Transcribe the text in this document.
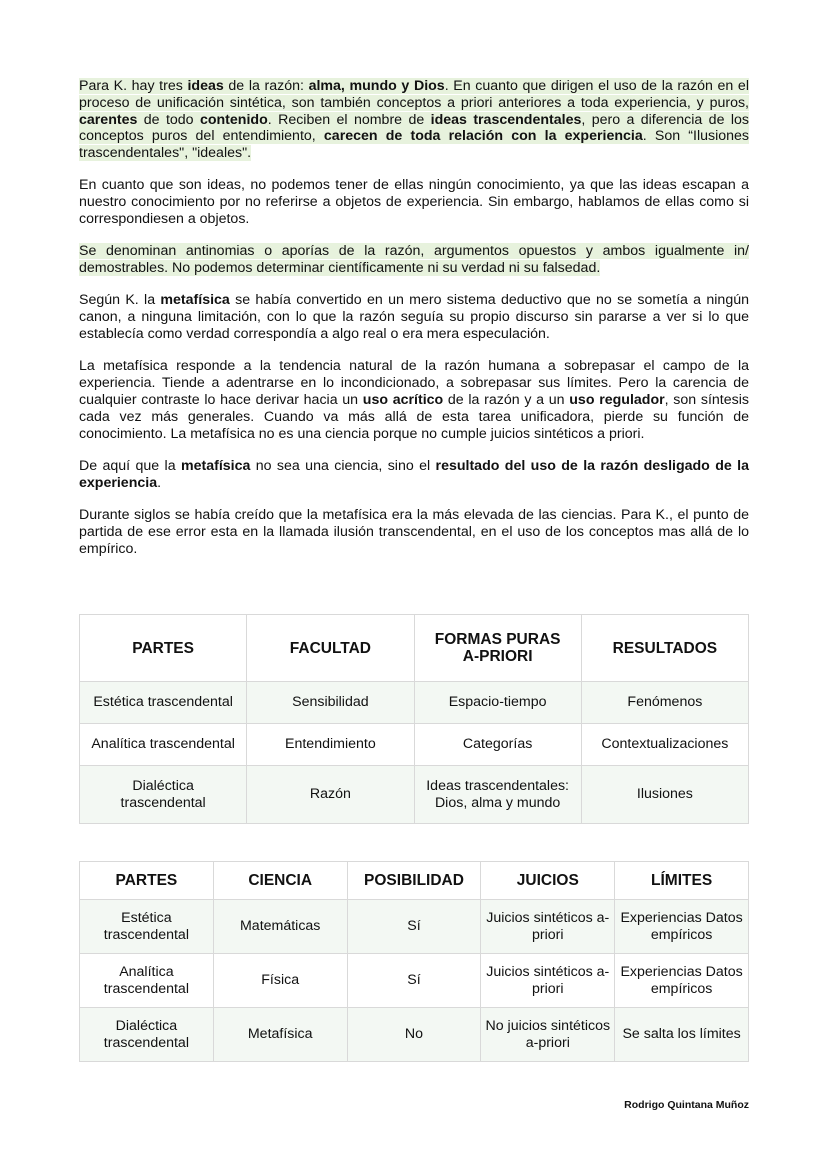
Para K. hay tres ideas de la razón: alma, mundo y Dios. En cuanto que dirigen el uso de la razón en el proceso de unificación sintética, son también conceptos a priori anteriores a toda experiencia, y puros, carentes de todo contenido. Reciben el nombre de ideas trascendentales, pero a diferencia de los conceptos puros del entendimiento, carecen de toda relación con la experiencia. Son “Ilusiones trascendentales", "ideales".

En cuanto que son ideas, no podemos tener de ellas ningún conocimiento, ya que las ideas escapan a nuestro conocimiento por no referirse a objetos de experiencia. Sin embargo, hablamos de ellas como si correspondiesen a objetos.

Se denominan antinomias o aporías de la razón, argumentos opuestos y ambos igualmente in/ demostrables. No podemos determinar científicamente ni su verdad ni su falsedad.

Según K. la metafísica se había convertido en un mero sistema deductivo que no se sometía a ningún canon, a ninguna limitación, con lo que la razón seguía su propio discurso sin pararse a ver si lo que establecía como verdad correspondía a algo real o era mera especulación.

La metafísica responde a la tendencia natural de la razón humana a sobrepasar el campo de la experiencia. Tiende a adentrarse en lo incondicionado, a sobrepasar sus límites. Pero la carencia de cualquier contraste lo hace derivar hacia un uso acrítico de la razón y a un uso regulador, son síntesis cada vez más generales. Cuando va más allá de esta tarea unificadora, pierde su función de conocimiento. La metafísica no es una ciencia porque no cumple juicios sintéticos a priori.

De aquí que la metafísica no sea una ciencia, sino el resultado del uso de la razón desligado de la experiencia.

Durante siglos se había creído que la metafísica era la más elevada de las ciencias. Para K., el punto de partida de ese error esta en la llamada ilusión transcendental, en el uso de los conceptos mas allá de lo empírico.

PARTES	FACULTAD	FORMAS PURAS A-PRIORI	RESULTADOS
Estética trascendental	Sensibilidad	Espacio-tiempo	Fenómenos
Analítica trascendental	Entendimiento	Categorías	Contextualizaciones
Dialéctica trascendental	Razón	Ideas trascendentales: Dios, alma y mundo	Ilusiones
PARTES	CIENCIA	POSIBILIDAD	JUICIOS	LÍMITES
Estética trascendental	Matemáticas	Sí	Juicios sintéticos a-priori	Experiencias Datos empíricos
Analítica trascendental	Física	Sí	Juicios sintéticos a-priori	Experiencias Datos empíricos
Dialéctica trascendental	Metafísica	No	No juicios sintéticos a-priori	Se salta los límites
Rodrigo Quintana Muñoz
